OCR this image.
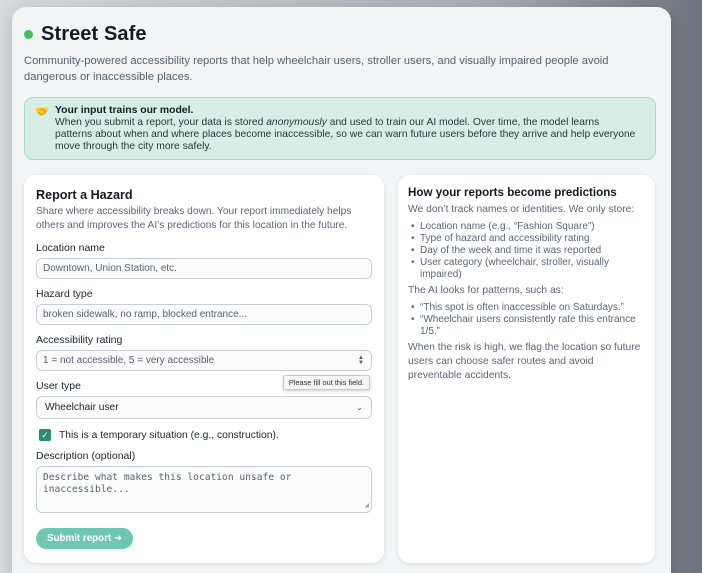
Street Safe

Community-powered accessibility reports that help wheelchair users, stroller users, and visually impaired people avoid dangerous or inaccessible places.

🤝 Your input trains our model.
When you submit a report, your data is stored anonymously and used to train our AI model. Over time, the model learns patterns about when and where places become inaccessible, so we can warn future users before they arrive and help everyone move through the city more safely.
Report a Hazard

Share where accessibility breaks down. Your report immediately helps others and improves the AI’s predictions for this location in the future.

Location name
Downtown, Union Station, etc.
Hazard type
broken sidewalk, no ramp, blocked entrance...
Accessibility rating
1 = not accessible, 5 = very accessible	▲
▼
Please fill out this field.
User type
Wheelchair user	⌄
✓ This is a temporary situation (e.g., construction).
Description (optional)
Describe what makes this location unsafe or inaccessible...
◢
Submit report ➜
How your reports become predictions

We don’t track names or identities. We only store:

• Location name (e.g., “Fashion Square”)
• Type of hazard and accessibility rating
• Day of the week and time it was reported
• User category (wheelchair, stroller, visually impaired)

The AI looks for patterns, such as:

• “This spot is often inaccessible on Saturdays.”
• “Wheelchair users consistently rate this entrance 1/5.”

When the risk is high, we flag the location so future users can choose safer routes and avoid preventable accidents.
